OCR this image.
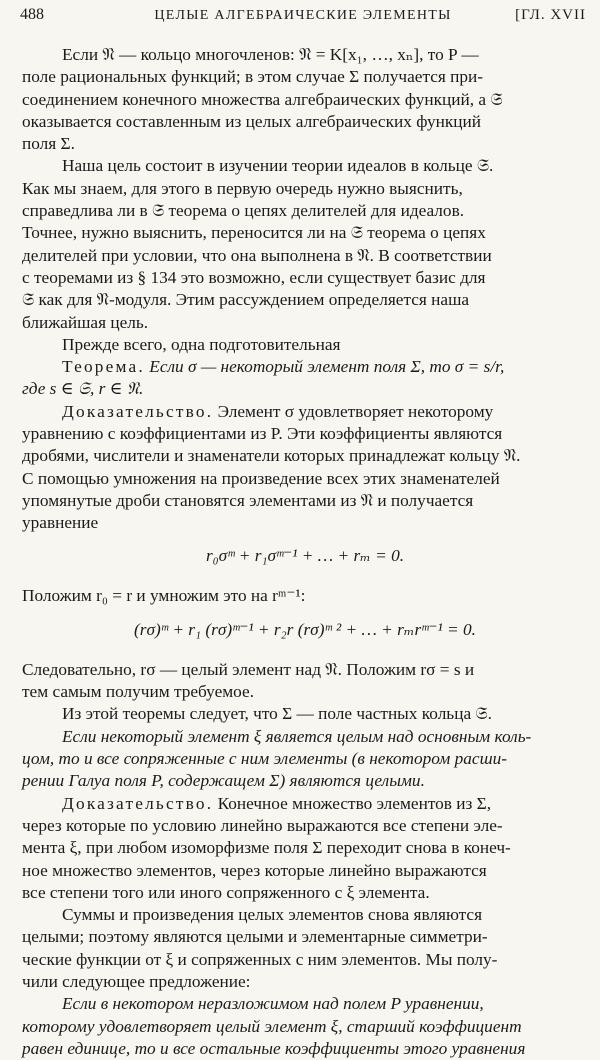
488	ЦЕЛЫЕ АЛГЕБРАИЧЕСКИЕ ЭЛЕМЕНТЫ	[ГЛ. XVII

Если 𝔑 — кольцо многочленов: 𝔑 = K[x₁, …, xₙ], то P —

поле рациональных функций; в этом случае Σ получается при-

соединением конечного множества алгебраических функций, а 𝔖

оказывается составленным из целых алгебраических функций

поля Σ.

Наша цель состоит в изучении теории идеалов в кольце 𝔖.

Как мы знаем, для этого в первую очередь нужно выяснить,

справедлива ли в 𝔖 теорема о цепях делителей для идеалов.

Точнее, нужно выяснить, переносится ли на 𝔖 теорема о цепях

делителей при условии, что она выполнена в 𝔑. В соответствии

с теоремами из § 134 это возможно, если существует базис для

𝔖 как для 𝔑-модуля. Этим рассуждением определяется наша

ближайшая цель.

Прежде всего, одна подготовительная

Теорема. Если σ — некоторый элемент поля Σ, то σ = s/r,

где s ∈ 𝔖, r ∈ 𝔑.

Доказательство. Элемент σ удовлетворяет некоторому

уравнению с коэффициентами из P. Эти коэффициенты являются

дробями, числители и знаменатели которых принадлежат кольцу 𝔑.

С помощью умножения на произведение всех этих знаменателей

упомянутые дроби становятся элементами из 𝔑 и получается

уравнение

r₀σᵐ + r₁σᵐ⁻¹ + … + rₘ = 0.

Положим r₀ = r и умножим это на rᵐ⁻¹:

(rσ)ᵐ + r₁ (rσ)ᵐ⁻¹ + r₂r (rσ)ᵐ ² + … + rₘrᵐ⁻¹ = 0.

Следовательно, rσ — целый элемент над 𝔑. Положим rσ = s и

тем самым получим требуемое.

Из этой теоремы следует, что Σ — поле частных кольца 𝔖.

Если некоторый элемент ξ является целым над основным коль-

цом, то и все сопряженные с ним элементы (в некотором расши-

рении Галуа поля P, содержащем Σ) являются целыми.

Доказательство. Конечное множество элементов из Σ,

через которые по условию линейно выражаются все степени эле-

мента ξ, при любом изоморфизме поля Σ переходит снова в конеч-

ное множество элементов, через которые линейно выражаются

все степени того или иного сопряженного с ξ элемента.

Суммы и произведения целых элементов снова являются

целыми; поэтому являются целыми и элементарные симметри-

ческие функции от ξ и сопряженных с ним элементов. Мы полу-

чили следующее предложение:

Если в некотором неразложимом над полем P уравнении,

которому удовлетворяет целый элемент ξ, старший коэффициент

равен единице, то и все остальные коэффициенты этого уравнения
